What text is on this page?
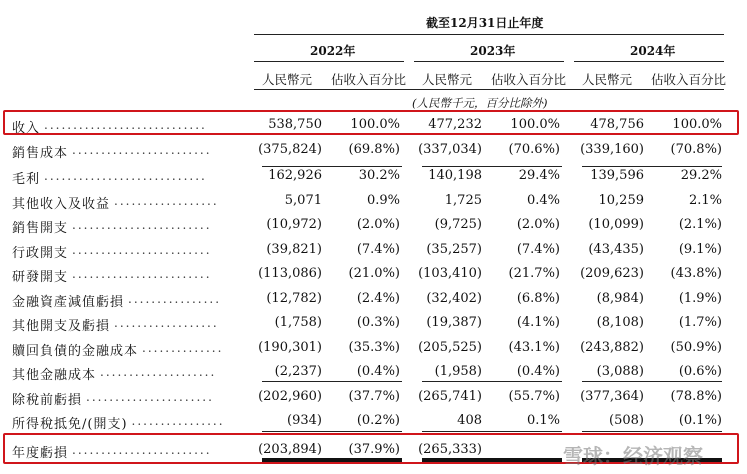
截至12月31日止年度
2022年	2023年	2024年
人民幣元 佔收入百分比 人民幣元 佔收入百分比 人民幣元 佔收入百分比
(人民幣千元，百分比除外)
收入 ............................	538,750 100.0% 477,232 100.0% 478,756 100.0%
銷售成本 ........................	(375,824) (69.8%) (337,034) (70.6%) (339,160) (70.8%)
毛利 ............................	162,926	30.2% 140,198	29.4% 139,596	29.2%
其他收入及收益 ..................	5,071	0.9%	1,725	0.4%	10,259	2.1%
銷售開支 ........................	(10,972)	(2.0%)	(9,725)	(2.0%) (10,099)	(2.1%)
行政開支 ........................	(39,821)	(7.4%) (35,257)	(7.4%) (43,435)	(9.1%)
研發開支 ........................	(113,086) (21.0%) (103,410) (21.7%) (209,623) (43.8%)
金融資產減值虧損 ................	(12,782)	(2.4%) (32,402)	(6.8%)	(8,984)	(1.9%)
其他開支及虧損 ..................	(1,758)	(0.3%) (19,387)	(4.1%)	(8,108)	(1.7%)
贖回負債的金融成本 ..............	(190,301) (35.3%) (205,525) (43.1%) (243,882) (50.9%)
其他金融成本 ....................	(2,237)	(0.4%)	(1,958)	(0.4%)	(3,088)	(0.6%)
除稅前虧損 ......................	(202,960) (37.7%) (265,741) (55.7%) (377,364) (78.8%)
所得稅抵免/(開支) ................	(934)	(0.2%)	408	0.1%	(508)	(0.1%)
年度虧損 ........................	(203,894) (37.9%) (265,333)	雪球：经济观察
